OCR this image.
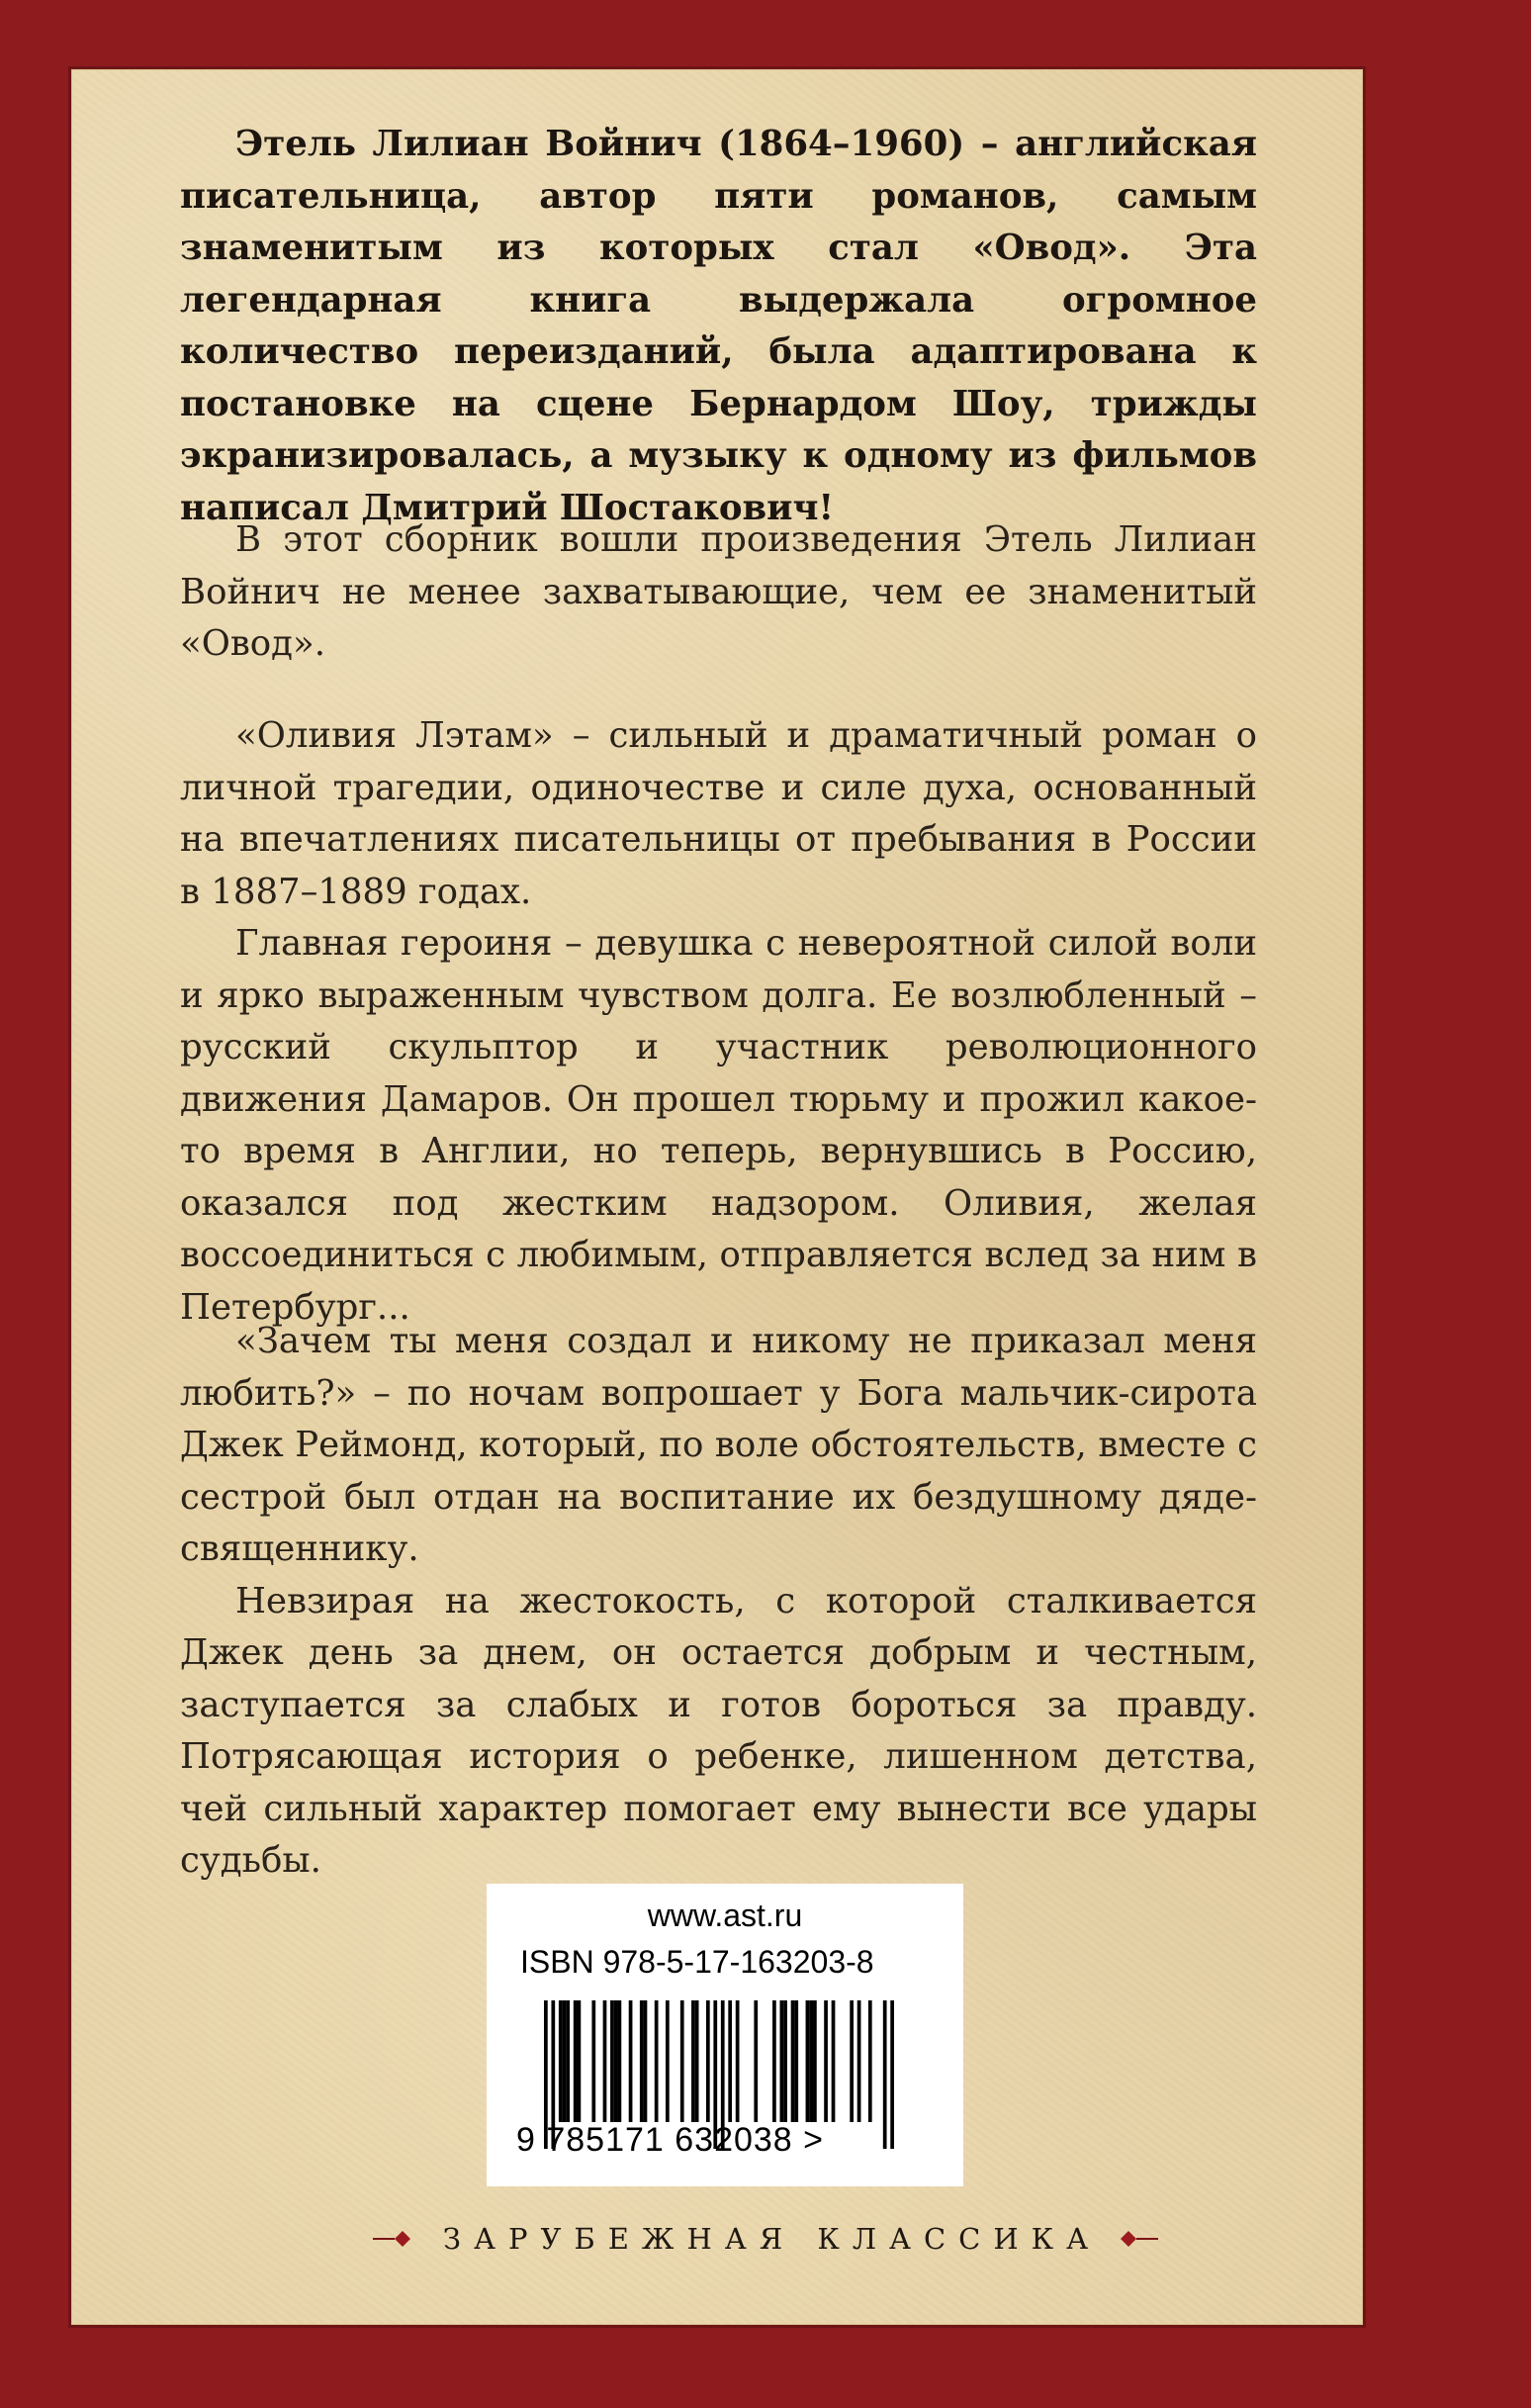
Этель Лилиан Войнич (1864–1960) – английская писательница, автор пяти романов, самым знаменитым из которых стал «Овод». Эта легендарная книга выдержала огромное количество переизданий, была адаптирована к постановке на сцене Бернардом Шоу, трижды экранизировалась, а музыку к одному из фильмов написал Дмитрий Шостакович!

В этот сборник вошли произведения Этель Лилиан Войнич не менее захватывающие, чем ее знаменитый «Овод».

«Оливия Лэтам» – сильный и драматичный роман о личной трагедии, одиночестве и силе духа, основанный на впечатлениях писательницы от пребывания в России в 1887–1889 годах.

Главная героиня – девушка с невероятной силой воли и ярко выраженным чувством долга. Ее возлюбленный – русский скульптор и участник революционного движения Дамаров. Он прошел тюрьму и прожил какое-то время в Англии, но теперь, вернувшись в Россию, оказался под жестким надзором. Оливия, желая воссоединиться с любимым, отправляется вслед за ним в Петербург...

«Зачем ты меня создал и никому не приказал меня любить?» – по ночам вопрошает у Бога мальчик-сирота Джек Реймонд, который, по воле обстоятельств, вместе с сестрой был отдан на воспитание их бездушному дяде-священнику.

Невзирая на жестокость, с которой сталкивается Джек день за днем, он остается добрым и честным, заступается за слабых и готов бороться за правду. Потрясающая история о ребенке, лишенном детства, чей сильный характер помогает ему вынести все удары судьбы.

www.ast.ru
ISBN 978-5-17-163203-8
9 785171 632038 >
ЗАРУБЕЖНАЯ КЛАССИКА
